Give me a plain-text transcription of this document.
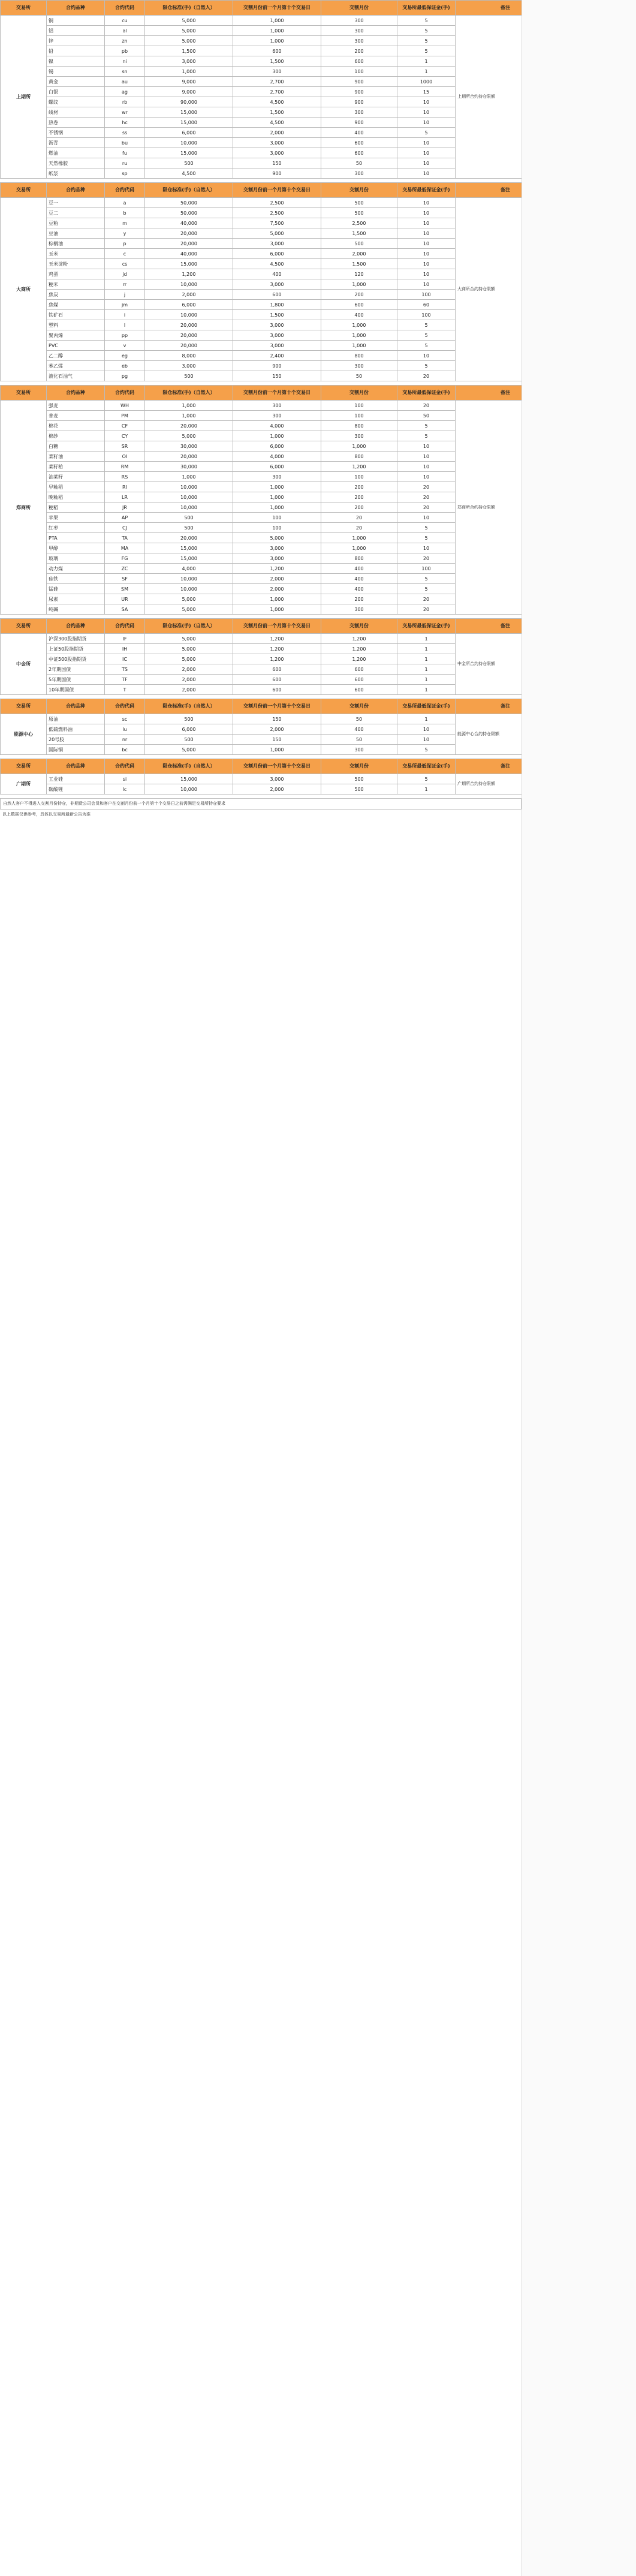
交易所	合约品种	合约代码	限仓标准(手)（自然人）	交割月份前一个月第十个交易日	交割月份	交易所最低保证金(手)	备注
上期所	铜	cu	5,000	1,000	300	5	上期所合约持仓限额
	铝	al	5,000	1,000	300	5	
	锌	zn	5,000	1,000	300	5	
	铅	pb	1,500	600	200	5	
	镍	ni	3,000	1,500	600	1	
	锡	sn	1,000	300	100	1	
	黄金	au	9,000	2,700	900	1000	
	白银	ag	9,000	2,700	900	15	
	螺纹	rb	90,000	4,500	900	10	
	线材	wr	15,000	1,500	300	10	
	热卷	hc	15,000	4,500	900	10	
	不锈钢	ss	6,000	2,000	400	5	
	沥青	bu	10,000	3,000	600	10	
	燃油	fu	15,000	3,000	600	10	
	天然橡胶	ru	500	150	50	10	
	纸浆	sp	4,500	900	300	10	
交易所	合约品种	合约代码	限仓标准(手)（自然人）	交割月份前一个月第十个交易日	交割月份	交易所最低保证金(手)	备注
大商所	豆一	a	50,000	2,500	500	10	大商所合约持仓限额
	豆二	b	50,000	2,500	500	10	
	豆粕	m	40,000	7,500	2,500	10	
	豆油	y	20,000	5,000	1,500	10	
	棕榈油	p	20,000	3,000	500	10	
	玉米	c	40,000	6,000	2,000	10	
	玉米淀粉	cs	15,000	4,500	1,500	10	
	鸡蛋	jd	1,200	400	120	10	
	粳米	rr	10,000	3,000	1,000	10	
	焦炭	j	2,000	600	200	100	
	焦煤	jm	6,000	1,800	600	60	
	铁矿石	i	10,000	1,500	400	100	
	塑料	l	20,000	3,000	1,000	5	
	聚丙烯	pp	20,000	3,000	1,000	5	
	PVC	v	20,000	3,000	1,000	5	
	乙二醇	eg	8,000	2,400	800	10	
	苯乙烯	eb	3,000	900	300	5	
	液化石油气	pg	500	150	50	20	
交易所	合约品种	合约代码	限仓标准(手)（自然人）	交割月份前一个月第十个交易日	交割月份	交易所最低保证金(手)	备注
郑商所	强麦	WH	1,000	300	100	20	郑商所合约持仓限额
	普麦	PM	1,000	300	100	50	
	棉花	CF	20,000	4,000	800	5	
	棉纱	CY	5,000	1,000	300	5	
	白糖	SR	30,000	6,000	1,000	10	
	菜籽油	OI	20,000	4,000	800	10	
	菜籽粕	RM	30,000	6,000	1,200	10	
	油菜籽	RS	1,000	300	100	10	
	早籼稻	RI	10,000	1,000	200	20	
	晚籼稻	LR	10,000	1,000	200	20	
	粳稻	JR	10,000	1,000	200	20	
	苹果	AP	500	100	20	10	
	红枣	CJ	500	100	20	5	
	PTA	TA	20,000	5,000	1,000	5	
	甲醇	MA	15,000	3,000	1,000	10	
	玻璃	FG	15,000	3,000	800	20	
	动力煤	ZC	4,000	1,200	400	100	
	硅铁	SF	10,000	2,000	400	5	
	锰硅	SM	10,000	2,000	400	5	
	尿素	UR	5,000	1,000	200	20	
	纯碱	SA	5,000	1,000	300	20	
交易所	合约品种	合约代码	限仓标准(手)（自然人）	交割月份前一个月第十个交易日	交割月份	交易所最低保证金(手)	备注
中金所	沪深300股指期货	IF	5,000	1,200	1,200	1	中金所合约持仓限额
	上证50股指期货	IH	5,000	1,200	1,200	1	
	中证500股指期货	IC	5,000	1,200	1,200	1	
	2年期国债	TS	2,000	600	600	1	
	5年期国债	TF	2,000	600	600	1	
	10年期国债	T	2,000	600	600	1	
交易所	合约品种	合约代码	限仓标准(手)（自然人）	交割月份前一个月第十个交易日	交割月份	交易所最低保证金(手)	备注
能源中心	原油	sc	500	150	50	1	能源中心合约持仓限额
	低硫燃料油	lu	6,000	2,000	400	10	
	20号胶	nr	500	150	50	10	
	国际铜	bc	5,000	1,000	300	5	
交易所	合约品种	合约代码	限仓标准(手)（自然人）	交割月份前一个月第十个交易日	交割月份	交易所最低保证金(手)	备注
广期所	工业硅	si	15,000	3,000	500	5	广期所合约持仓限额
	碳酸锂	lc	10,000	2,000	500	1	
自然人客户不得进入交割月份持仓，非期货公司会员和客户在交割月份前一个月第十个交易日之前需满足交易所持仓要求
以上数据仅供参考，具体以交易所最新公告为准
